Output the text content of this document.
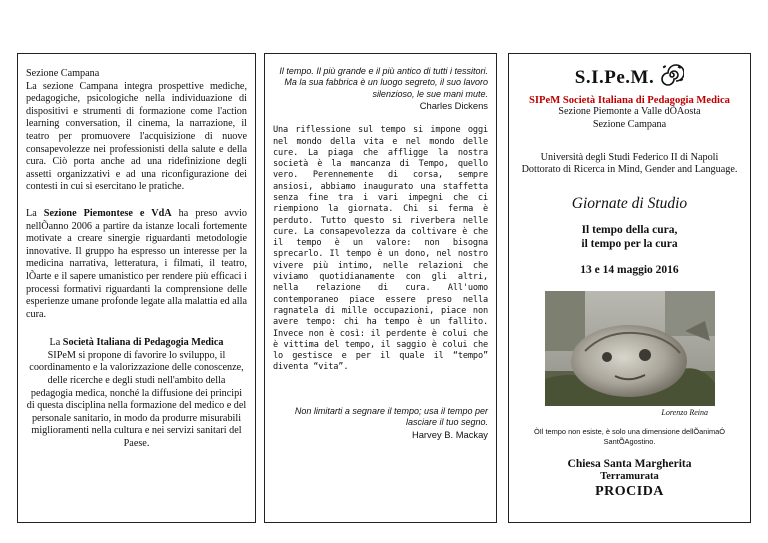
Sezione Campana
La sezione Campana integra prospettive mediche, pedagogiche, psicologiche nella individuazione di dispositivi e strumenti di formazione come l'action learning conversation, il cinema, la narrazione, il teatro per promuovere l'acquisizione di nuove consapevolezze nei professionisti della salute e della cura. Ciò porta anche ad una ridefinizione degli assetti organizzativi e ad una riconfigurazione dei contesti in cui si esercitano le pratiche.
La Sezione Piemontese e VdA ha preso avvio nellÕanno 2006 a partire da istanze locali fortemente motivate a creare sinergie riguardanti metodologie innovative. Il gruppo ha espresso un interesse per la medicina narrativa, letteratura, i filmati, il teatro, lÕarte e il sapere umanistico per rendere più efficaci i processi formativi riguardanti la comprensione delle esperienze umane profonde legate alla malattia ed alla cura.
La Società Italiana di Pedagogia Medica
SIPeM si propone di favorire lo sviluppo, il coordinamento e la valorizzazione delle conoscenze, delle ricerche e degli studi nell'ambito della pedagogia medica, nonché la diffusione dei principi di questa disciplina nella formazione del medico e del personale sanitario, in modo da produrre misurabili miglioramenti nella cultura e nei servizi sanitari del Paese.
Il tempo. Il più grande e il più antico di tutti i tessitori. Ma la sua fabbrica è un luogo segreto, il suo lavoro silenzioso, le sue mani mute.
Charles Dickens
Una riflessione sul tempo si impone oggi nel mondo della vita e nel mondo delle cure. La piaga che affligge la nostra società è la mancanza di Tempo, quello vero. Perennemente di corsa, sempre ansiosi, abbiamo inaugurato una staffetta senza fine tra i vari impegni che ci riempiono la giornata. Chi si ferma è perduto. Tutto questo si riverbera nelle cure. La consapevolezza da coltivare è che il tempo è un valore: non bisogna sprecarlo. Il tempo è un dono, nel nostro vivere più intimo, nelle relazioni che viviamo quotidianamente con gli altri, nella relazione di cura. All'uomo contemporaneo piace essere preso nella ragnatela di mille occupazioni, piace non avere tempo: chi ha tempo è un fallito. Invece non è così: il perdente è colui che è vittima del tempo, il saggio è colui che lo gestisce e per il quale il “tempo” diventa “vita”.
Non limitarti a segnare il tempo; usa il tempo per lasciare il tuo segno.
Harvey B. Mackay
S.I.Pe.M.
SIPeM Società Italiana di Pedagogia Medica
Sezione Piemonte a Valle dÕAosta
Sezione Campana
Università degli Studi Federico II di Napoli
Dottorato di Ricerca in Mind, Gender and Language.
Giornate di Studio
Il tempo della cura,
il tempo per la cura
13 e 14 maggio 2016
Lorenzo Reina
ÒIl tempo non esiste, è solo una dimensione dellÕanimaÓ
SantÕAgostino.
Chiesa Santa Margherita
Terramurata
PROCIDA
